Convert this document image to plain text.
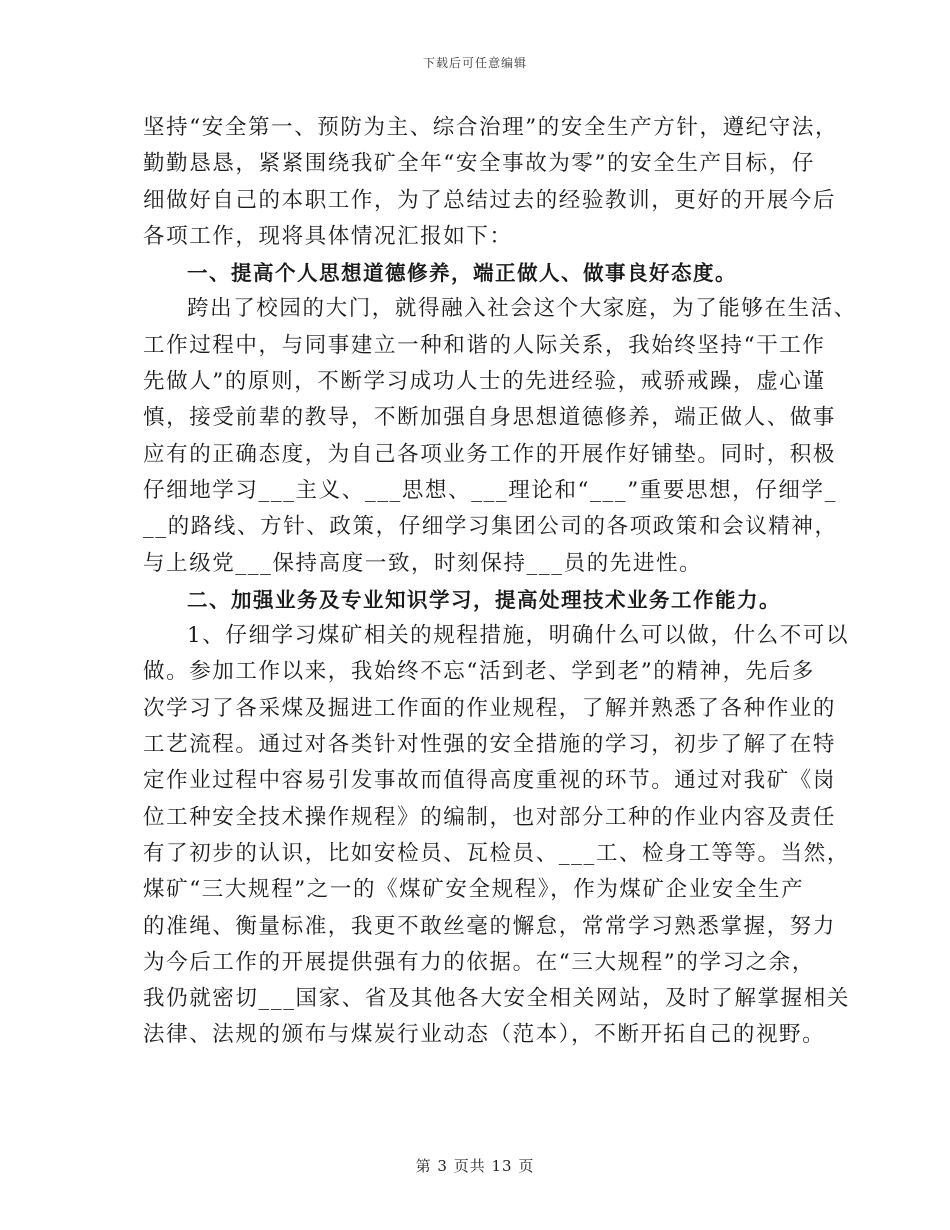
下载后可任意编辑
坚持“安全第一、预防为主、综合治理”的安全生产方针，遵纪守法，
勤勤恳恳，紧紧围绕我矿全年“安全事故为零”的安全生产目标，仔
细做好自己的本职工作，为了总结过去的经验教训，更好的开展今后
各项工作，现将具体情况汇报如下：
一、提高个人思想道德修养，端正做人、做事良好态度。
跨出了校园的大门，就得融入社会这个大家庭，为了能够在生活、
工作过程中，与同事建立一种和谐的人际关系，我始终坚持“干工作
先做人”的原则，不断学习成功人士的先进经验，戒骄戒躁，虚心谨
慎，接受前辈的教导，不断加强自身思想道德修养，端正做人、做事
应有的正确态度，为自己各项业务工作的开展作好铺垫。同时，积极
仔细地学习___主义、___思想、___理论和“___”重要思想，仔细学_
__的路线、方针、政策，仔细学习集团公司的各项政策和会议精神，
与上级党___保持高度一致，时刻保持___员的先进性。
二、加强业务及专业知识学习，提高处理技术业务工作能力。
1、仔细学习煤矿相关的规程措施，明确什么可以做，什么不可以
做。参加工作以来，我始终不忘“活到老、学到老”的精神，先后多
次学习了各采煤及掘进工作面的作业规程，了解并熟悉了各种作业的
工艺流程。通过对各类针对性强的安全措施的学习，初步了解了在特
定作业过程中容易引发事故而值得高度重视的环节。通过对我矿《岗
位工种安全技术操作规程》的编制，也对部分工种的作业内容及责任
有了初步的认识，比如安检员、瓦检员、___工、检身工等等。当然，
煤矿“三大规程”之一的《煤矿安全规程》，作为煤矿企业安全生产
的准绳、衡量标准，我更不敢丝毫的懈怠，常常学习熟悉掌握，努力
为今后工作的开展提供强有力的依据。在“三大规程”的学习之余，
我仍就密切___国家、省及其他各大安全相关网站，及时了解掌握相关
法律、法规的颁布与煤炭行业动态（范本），不断开拓自己的视野。
第 3 页共 13 页
